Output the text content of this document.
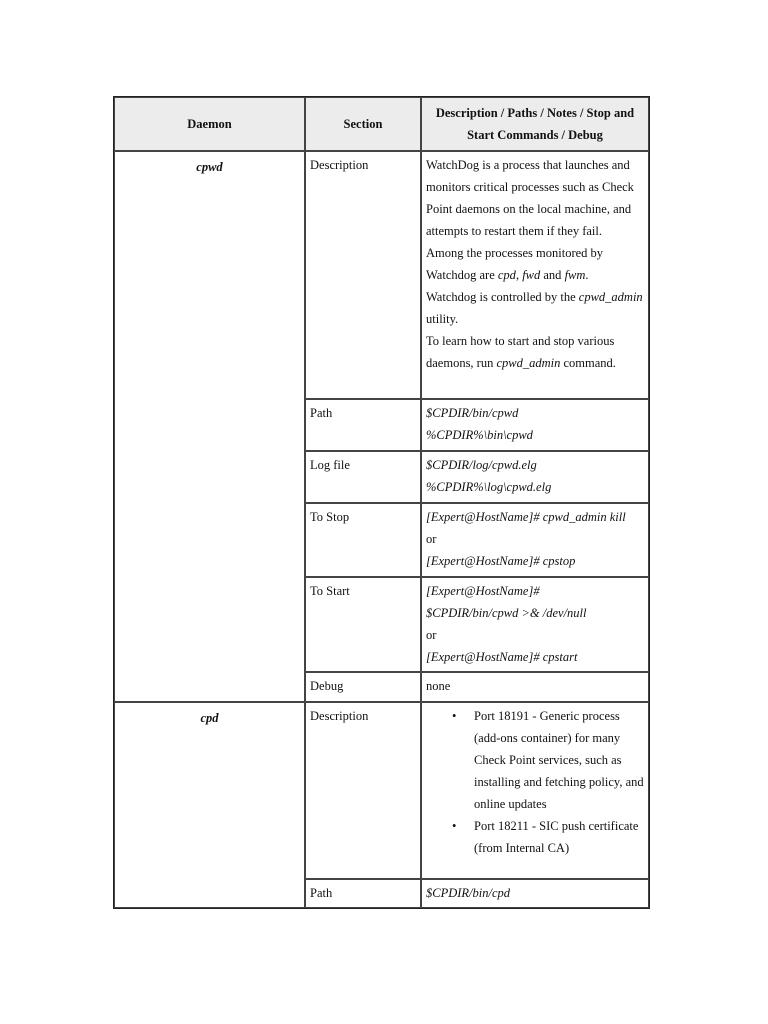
Daemon	Section
Description / Paths / Notes / Stop and
Start Commands / Debug
cpwd	Description	WatchDog is a process that launches and monitors critical processes such as Check Point daemons on the local machine, and attempts to restart them if they fail.
Among the processes monitored by Watchdog are cpd, fwd and fwm.
Watchdog is controlled by the cpwd_admin utility.
To learn how to start and stop various daemons, run cpwd_admin command.
Path	$CPDIR/bin/cpwd
%CPDIR%\bin\cpwd
Log file	$CPDIR/log/cpwd.elg
%CPDIR%\log\cpwd.elg
To Stop	[Expert@HostName]# cpwd_admin kill
or
[Expert@HostName]# cpstop
To Start	[Expert@HostName]#
$CPDIR/bin/cpwd >& /dev/null
or
[Expert@HostName]# cpstart
Debug	none
cpd	Description
•	Port 18191 - Generic process (add-ons container) for many Check Point services, such as installing and fetching policy, and online updates
• Port 18211 - SIC push certificate (from Internal CA)
Path	$CPDIR/bin/cpd
